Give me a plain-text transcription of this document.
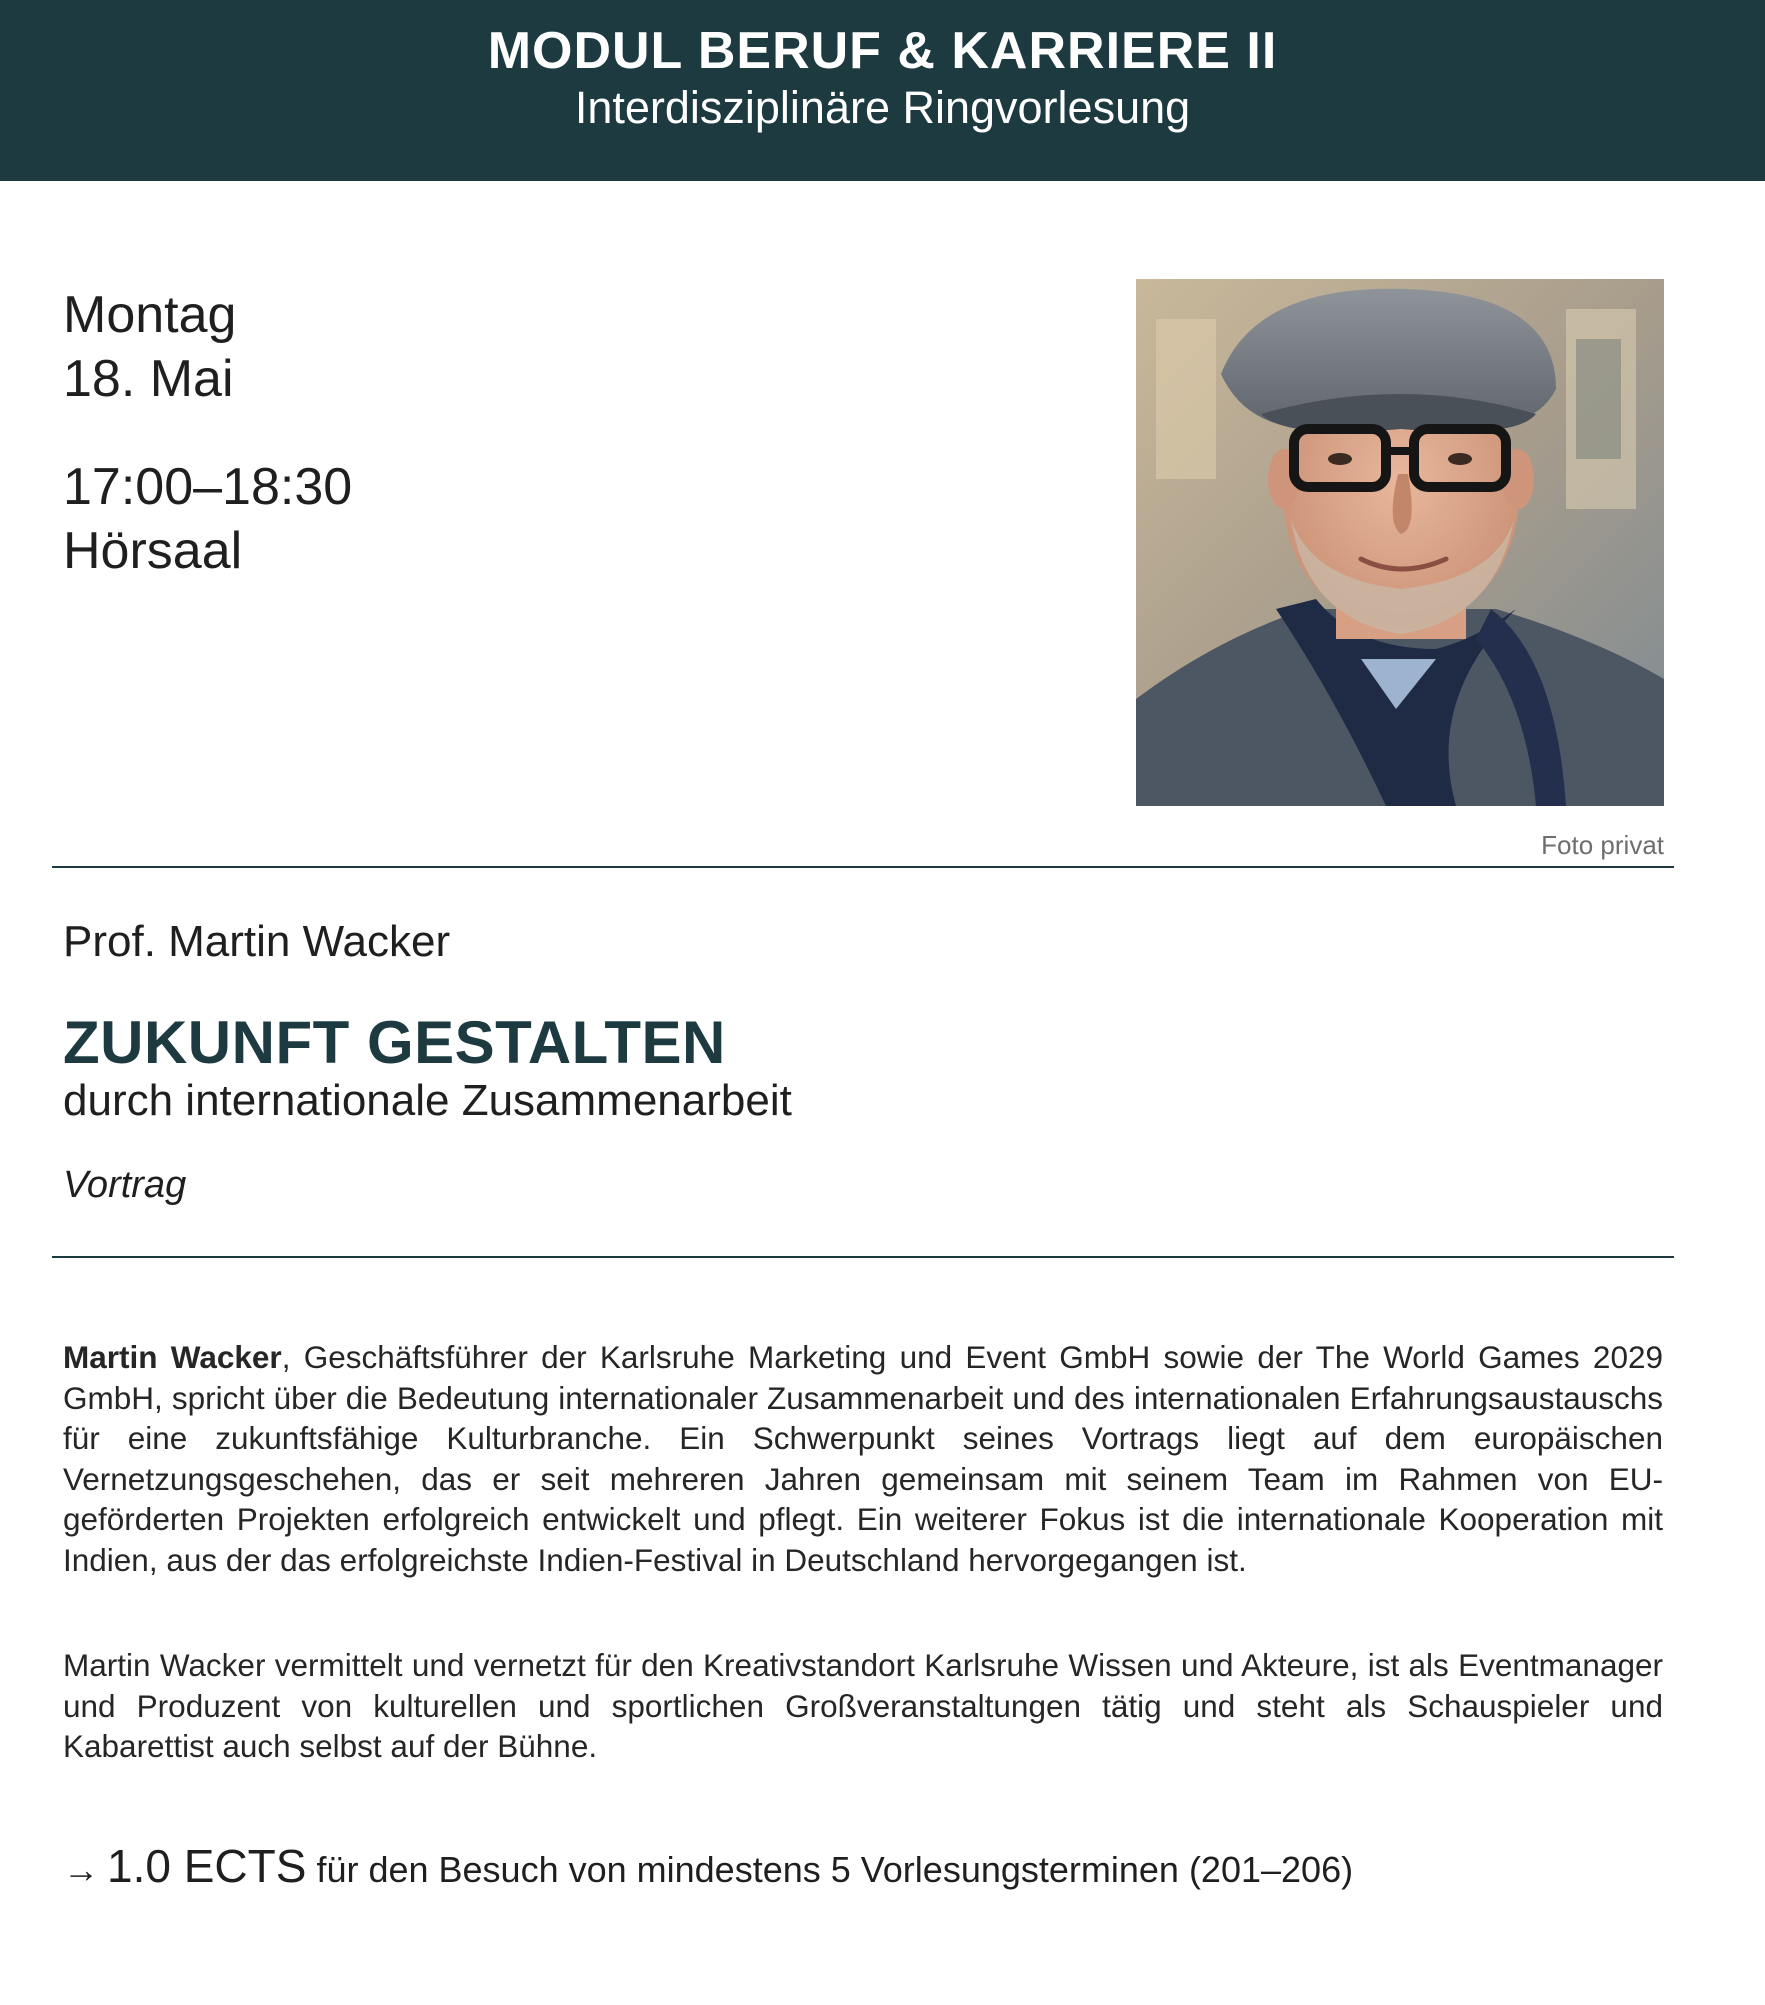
MODUL BERUF & KARRIERE II
Interdisziplinäre Ringvorlesung
Montag
18. Mai
17:00–18:30
Hörsaal
Foto privat
Prof. Martin Wacker
ZUKUNFT GESTALTEN
durch internationale Zusammenarbeit
Vortrag
Martin Wacker, Geschäftsführer der Karlsruhe Marketing und Event GmbH sowie der The World Games 2029 GmbH, spricht über die Bedeutung internationaler Zusammenarbeit und des internationalen Erfahrungsaustauschs für eine zukunftsfähige Kulturbranche. Ein Schwerpunkt seines Vortrags liegt auf dem europäischen Vernetzungsgeschehen, das er seit mehreren Jahren gemeinsam mit seinem Team im Rahmen von EU-geförderten Projekten erfolgreich entwickelt und pflegt. Ein weiterer Fokus ist die internationale Kooperation mit Indien, aus der das erfolgreichste Indien-Festival in Deutschland hervorgegangen ist.
Martin Wacker vermittelt und vernetzt für den Kreativstandort Karlsruhe Wissen und Akteure, ist als Eventmanager und Produzent von kulturellen und sportlichen Großveranstaltungen tätig und steht als Schauspieler und Kabarettist auch selbst auf der Bühne.
→ 1.0 ECTS für den Besuch von mindestens 5 Vorlesungsterminen (201–206)
